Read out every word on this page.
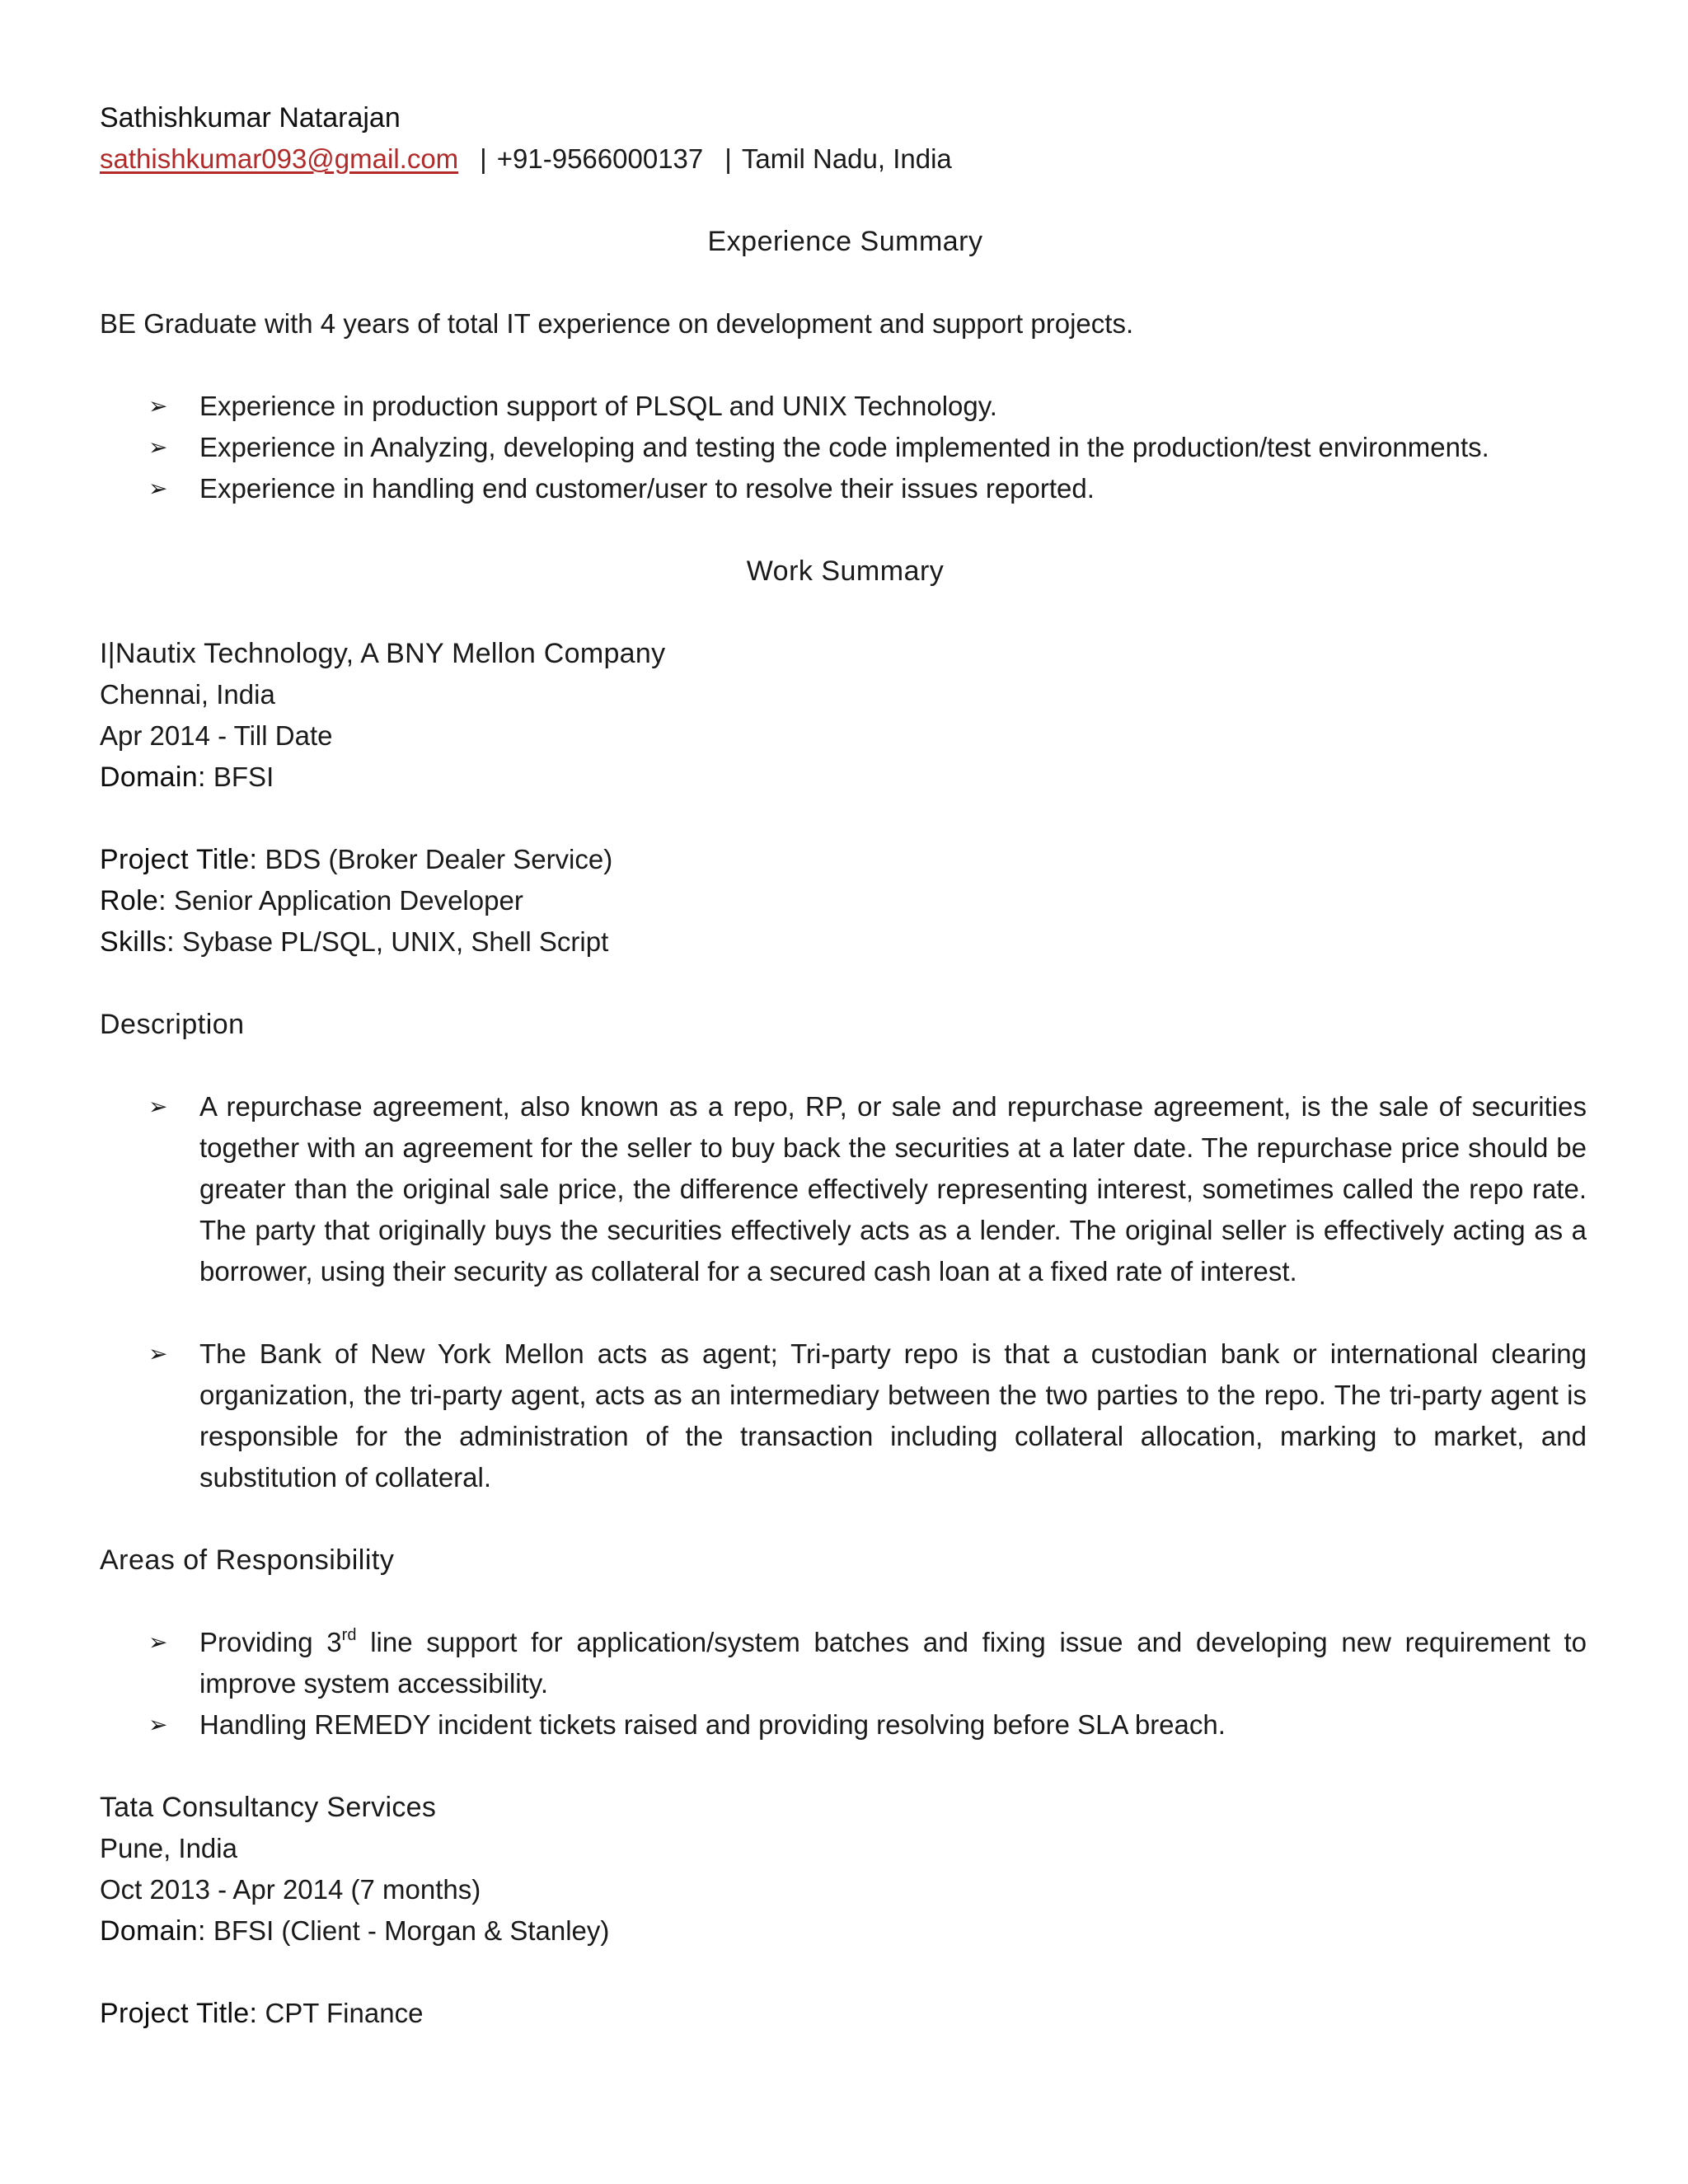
Sathishkumar Natarajan

sathishkumar093@gmail.com | +91-9566000137 | Tamil Nadu, India

Experience Summary

BE Graduate with 4 years of total IT experience on development and support projects.

➢ Experience in production support of PLSQL and UNIX Technology.
➢ Experience in Analyzing, developing and testing the code implemented in the production/test environments.
➢ Experience in handling end customer/user to resolve their issues reported.

Work Summary

I|Nautix Technology, A BNY Mellon Company

Chennai, India

Apr 2014 - Till Date

Domain: BFSI

Project Title: BDS (Broker Dealer Service)

Role: Senior Application Developer

Skills: Sybase PL/SQL, UNIX, Shell Script

Description

➢ A repurchase agreement, also known as a repo, RP, or sale and repurchase agreement, is the sale of securities together with an agreement for the seller to buy back the securities at a later date. The repurchase price should be greater than the original sale price, the difference effectively representing interest, sometimes called the repo rate. The party that originally buys the securities effectively acts as a lender. The original seller is effectively acting as a borrower, using their security as collateral for a secured cash loan at a fixed rate of interest.
➢ The Bank of New York Mellon acts as agent; Tri-party repo is that a custodian bank or international clearing organization, the tri-party agent, acts as an intermediary between the two parties to the repo. The tri-party agent is responsible for the administration of the transaction including collateral allocation, marking to market, and substitution of collateral.

Areas of Responsibility

➢ Providing 3rd line support for application/system batches and fixing issue and developing new requirement to improve system accessibility.
➢ Handling REMEDY incident tickets raised and providing resolving before SLA breach.

Tata Consultancy Services

Pune, India

Oct 2013 - Apr 2014 (7 months)

Domain: BFSI (Client - Morgan & Stanley)

Project Title: CPT Finance
